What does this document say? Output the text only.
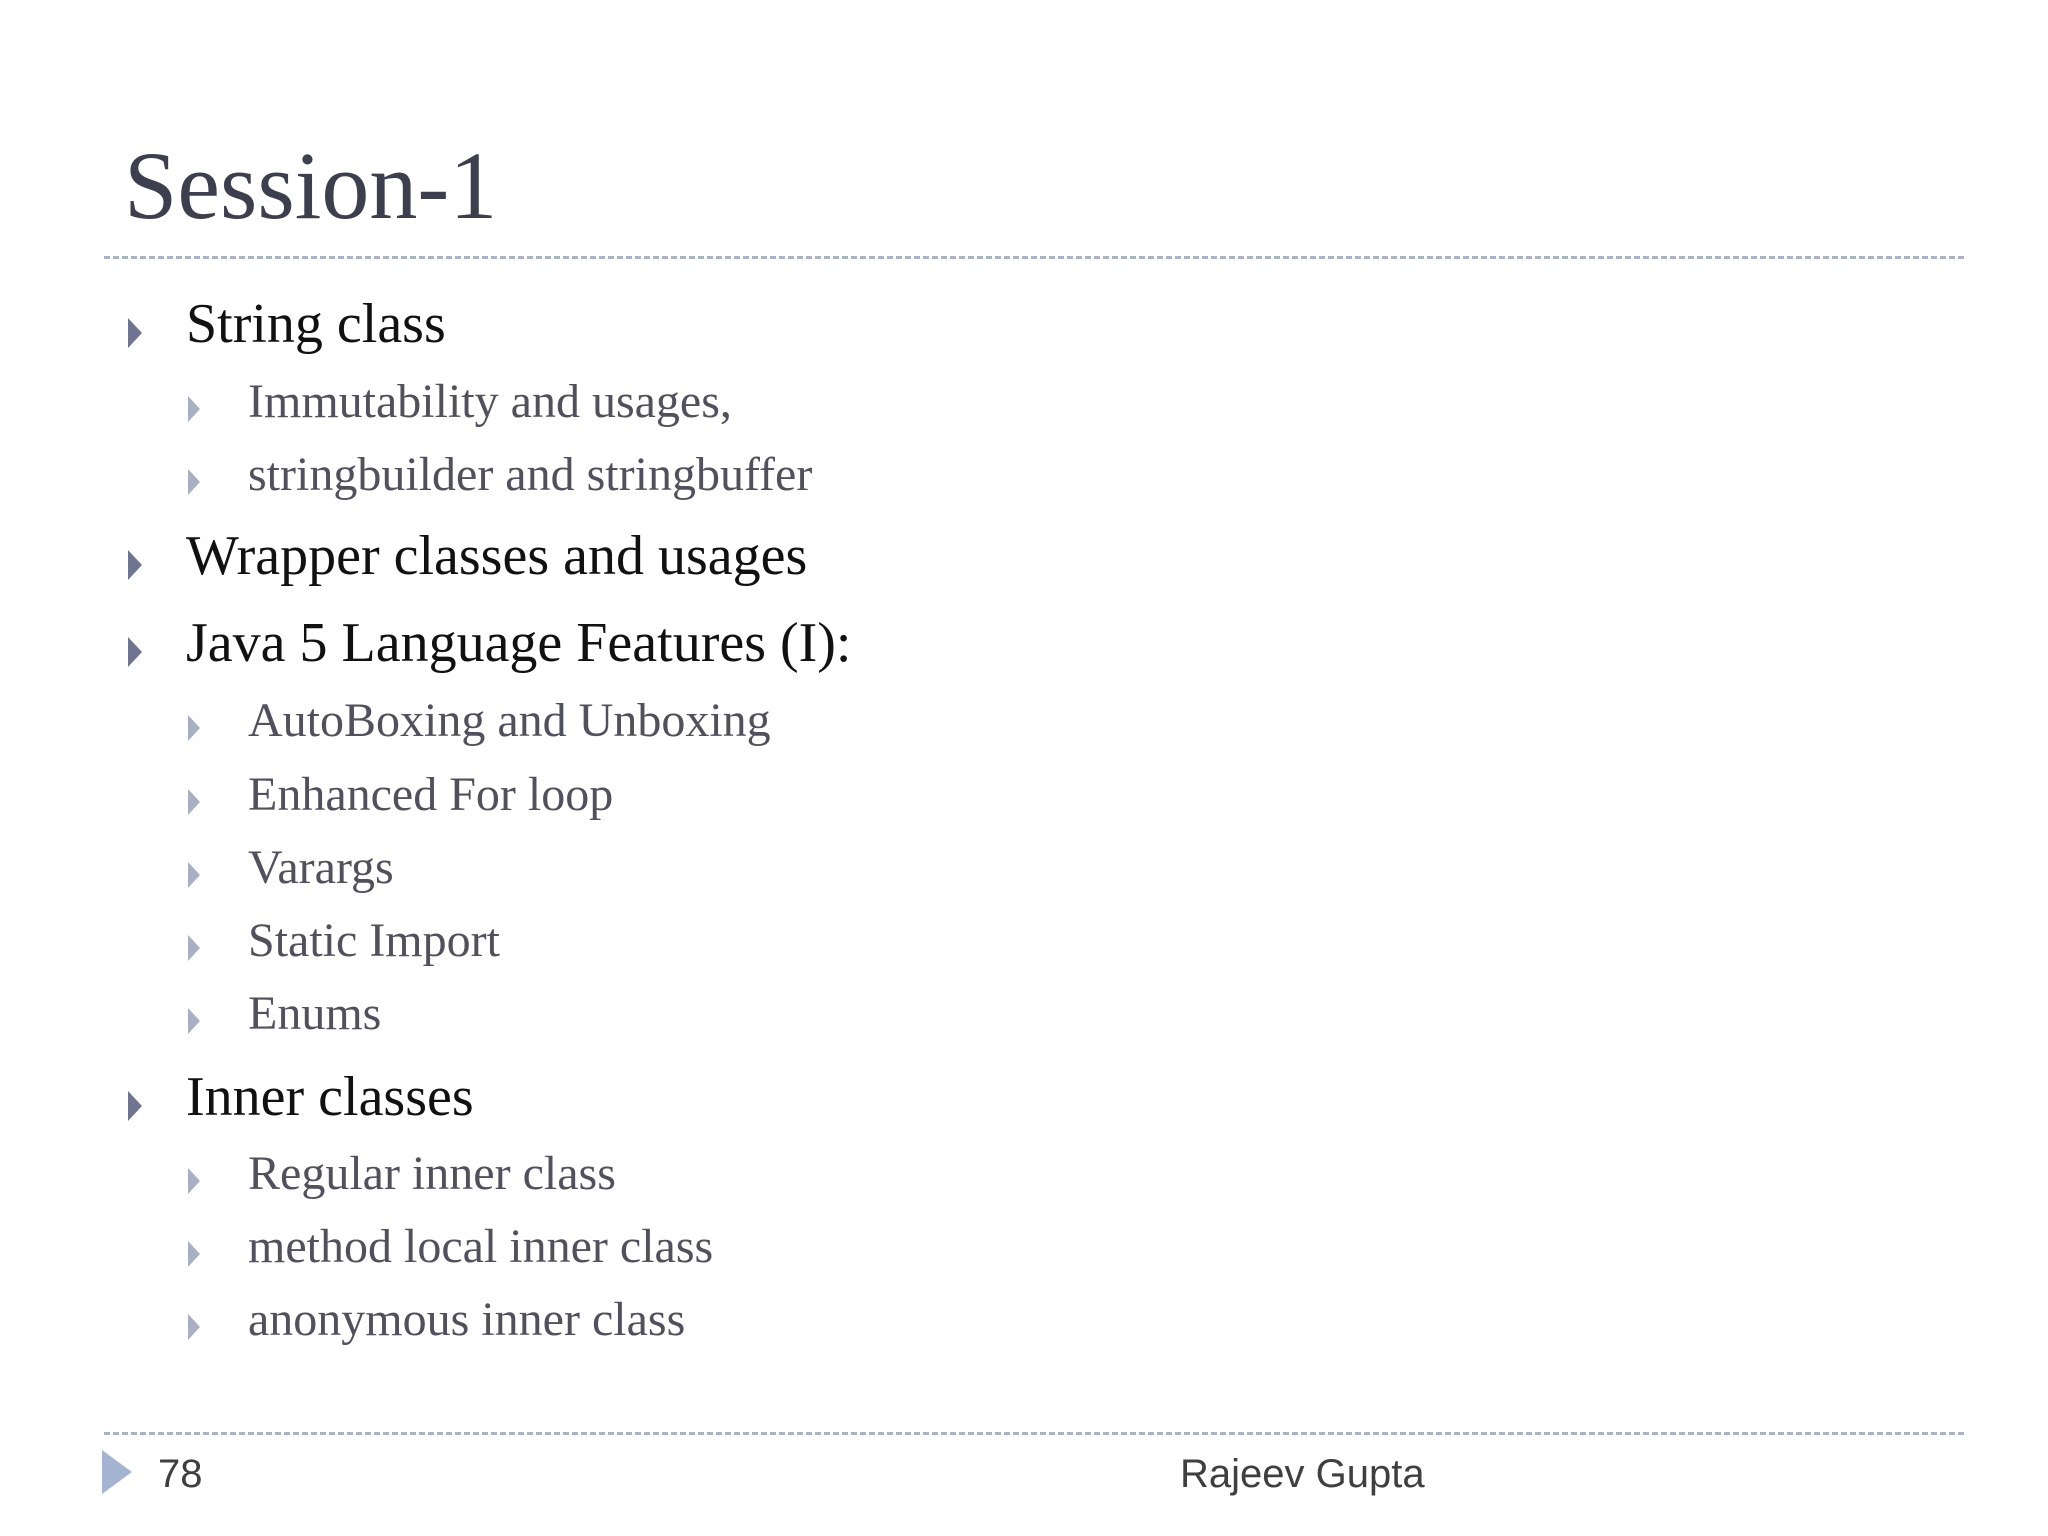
Session-1
String class
Immutability and usages,
stringbuilder and stringbuffer
Wrapper classes and usages
Java 5 Language Features (I):
AutoBoxing and Unboxing
Enhanced For loop
Varargs
Static Import
Enums
Inner classes
Regular inner class
method local inner class
anonymous inner class
78	Rajeev Gupta
